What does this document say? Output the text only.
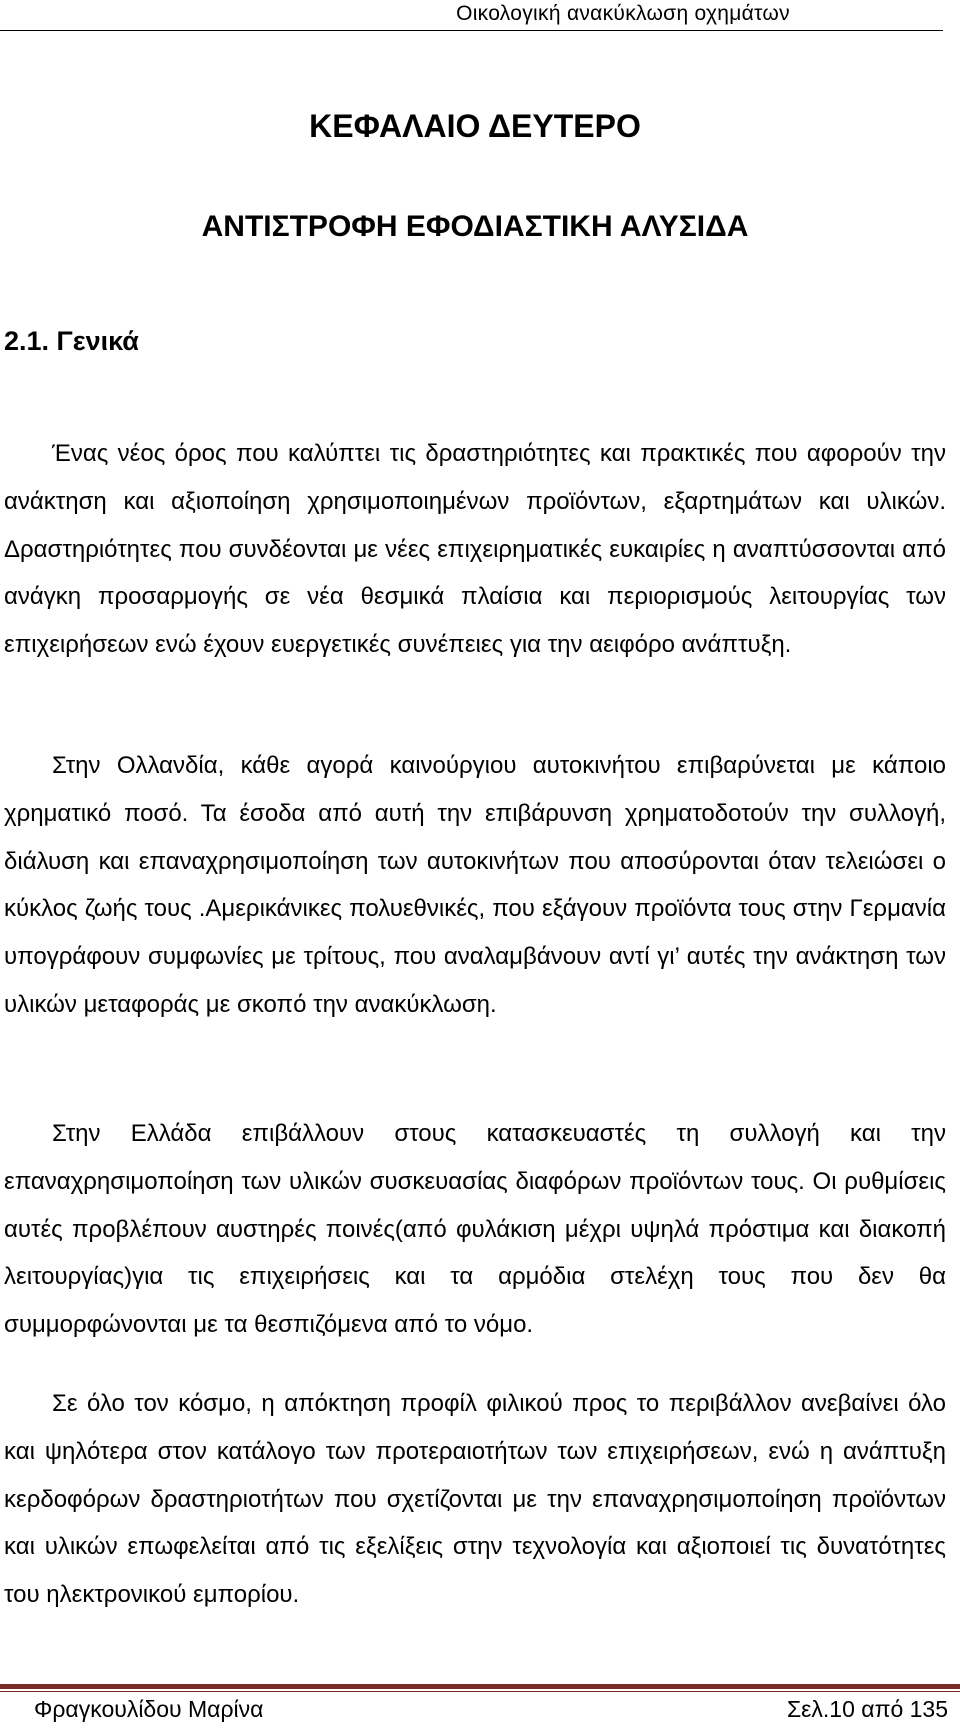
Οικολογική ανακύκλωση οχημάτων
ΚΕΦΑΛΑΙΟ ΔΕΥΤΕΡΟ
ΑΝΤΙΣΤΡΟΦΗ ΕΦΟΔΙΑΣΤΙΚΗ ΑΛΥΣΙΔΑ
2.1. Γενικά

Ένας νέος όρος που καλύπτει τις δραστηριότητες και πρακτικές που αφορούν την ανάκτηση και αξιοποίηση χρησιμοποιημένων προϊόντων, εξαρτημάτων και υλικών. Δραστηριότητες που συνδέονται με νέες επιχειρηματικές ευκαιρίες η αναπτύσσονται από ανάγκη προσαρμογής σε νέα θεσμικά πλαίσια και περιορισμούς λειτουργίας των επιχειρήσεων ενώ έχουν ευεργετικές συνέπειες για την αειφόρο ανάπτυξη.

Στην Ολλανδία, κάθε αγορά καινούργιου αυτοκινήτου επιβαρύνεται με κάποιο χρηματικό ποσό. Τα έσοδα από αυτή την επιβάρυνση χρηματοδοτούν την συλλογή, διάλυση και επαναχρησιμοποίηση των αυτοκινήτων που αποσύρονται όταν τελειώσει ο κύκλος ζωής τους .Αμερικάνικες πολυεθνικές, που εξάγουν προϊόντα τους στην Γερμανία υπογράφουν συμφωνίες με τρίτους, που αναλαμβάνουν αντί γι’ αυτές την ανάκτηση των υλικών μεταφοράς με σκοπό την ανακύκλωση.

Στην Ελλάδα επιβάλλουν στους κατασκευαστές τη συλλογή και την επαναχρησιμοποίηση των υλικών συσκευασίας διαφόρων προϊόντων τους. Οι ρυθμίσεις αυτές προβλέπουν αυστηρές ποινές(από φυλάκιση μέχρι υψηλά πρόστιμα και διακοπή λειτουργίας)για τις επιχειρήσεις και τα αρμόδια στελέχη τους που δεν θα συμμορφώνονται με τα θεσπιζόμενα από το νόμο.

Σε όλο τον κόσμο, η απόκτηση προφίλ φιλικού προς το περιβάλλον ανεβαίνει όλο και ψηλότερα στον κατάλογο των προτεραιοτήτων των επιχειρήσεων, ενώ η ανάπτυξη κερδοφόρων δραστηριοτήτων που σχετίζονται με την επαναχρησιμοποίηση προϊόντων και υλικών επωφελείται από τις εξελίξεις στην τεχνολογία και αξιοποιεί τις δυνατότητες του ηλεκτρονικού εμπορίου.

Φραγκουλίδου Μαρίνα	Σελ.10 από 135
